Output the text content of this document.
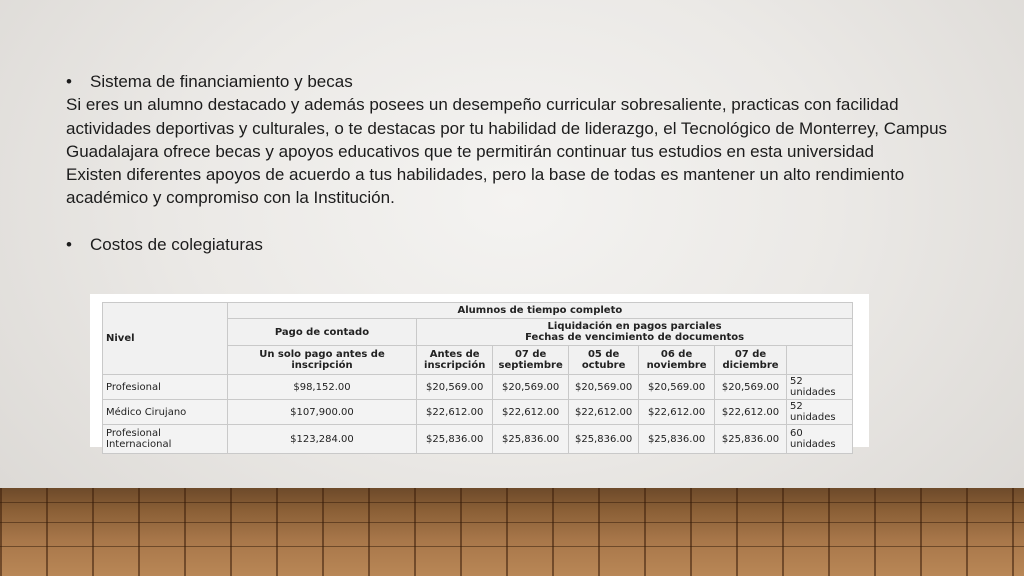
•	Sistema de financiamiento y becas

Si eres un alumno destacado y además posees un desempeño curricular sobresaliente, practicas con facilidad actividades deportivas y culturales, o te destacas por tu habilidad de liderazgo, el Tecnológico de Monterrey, Campus Guadalajara ofrece becas y apoyos educativos que te permitirán continuar tus estudios en esta universidad

Existen diferentes apoyos de acuerdo a tus habilidades, pero la base de todas es mantener un alto rendimiento académico y compromiso con la Institución.

•	Costos de colegiaturas
Nivel	Alumnos de tiempo completo						
	Pago de contado	Liquidación en pagos parciales
Fechas de vencimiento de documentos					

	Un solo pago antes de inscripción	Antes de inscripción	07 de septiembre	05 de octubre	06 de noviembre	07 de diciembre	
Profesional	$98,152.00	$20,569.00	$20,569.00	$20,569.00	$20,569.00	$20,569.00	52 unidades
Médico Cirujano	$107,900.00	$22,612.00	$22,612.00	$22,612.00	$22,612.00	$22,612.00	52 unidades
Profesional Internacional	$123,284.00	$25,836.00	$25,836.00	$25,836.00	$25,836.00	$25,836.00	60 unidades
